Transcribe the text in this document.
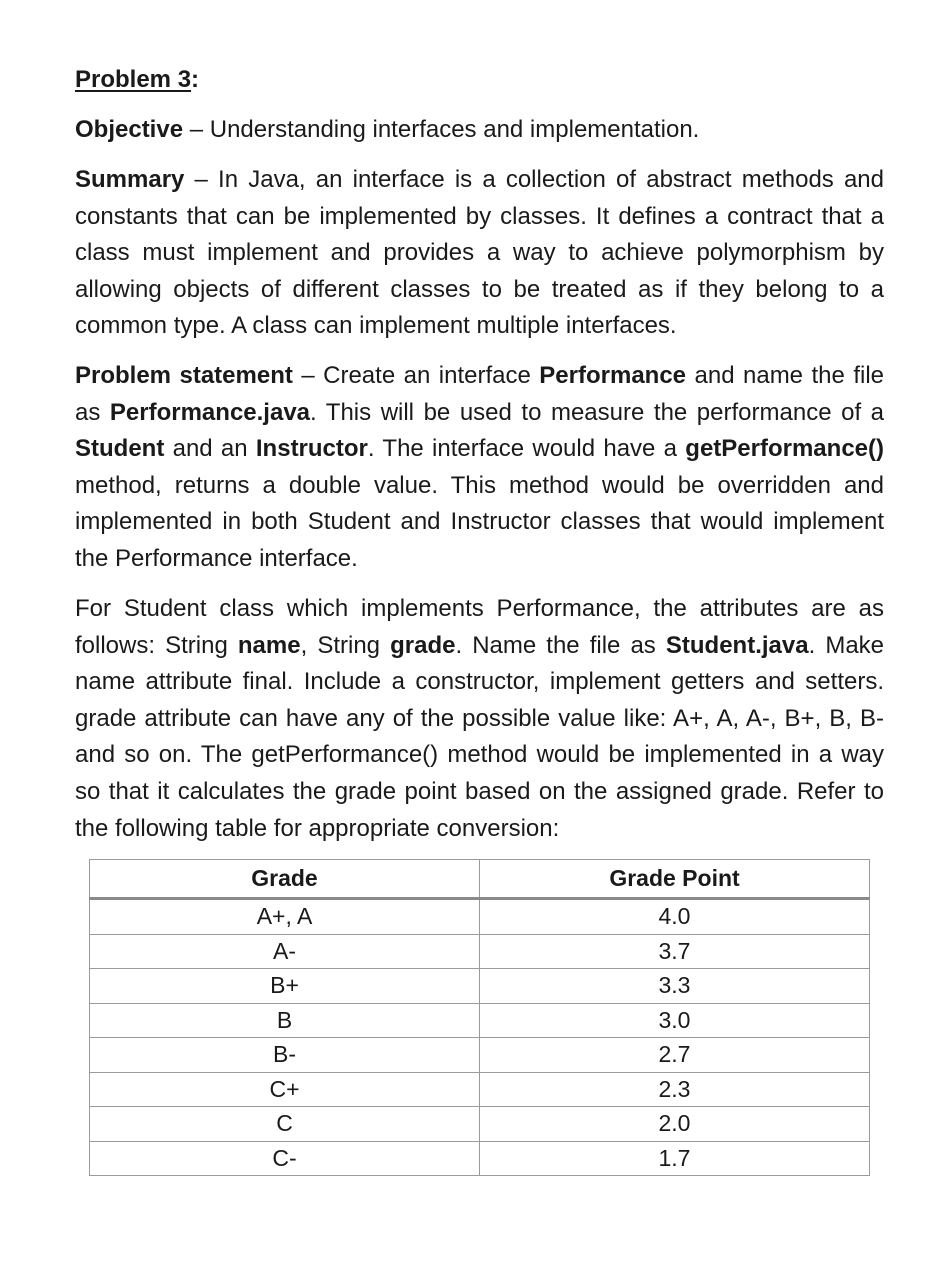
Problem 3:

Objective – Understanding interfaces and implementation.

Summary – In Java, an interface is a collection of abstract methods and constants that can be implemented by classes. It defines a contract that a class must implement and provides a way to achieve polymorphism by allowing objects of different classes to be treated as if they belong to a common type. A class can implement multiple interfaces.

Problem statement – Create an interface Performance and name the file as Performance.java. This will be used to measure the performance of a Student and an Instructor. The interface would have a getPerformance() method, returns a double value. This method would be overridden and implemented in both Student and Instructor classes that would implement the Performance interface.

For Student class which implements Performance, the attributes are as follows: String name, String grade. Name the file as Student.java. Make name attribute final. Include a constructor, implement getters and setters. grade attribute can have any of the possible value like: A+, A, A-, B+, B, B- and so on. The getPerformance() method would be implemented in a way so that it calculates the grade point based on the assigned grade. Refer to the following table for appropriate conversion:

Grade	Grade Point
A+, A	4.0
A-	3.7
B+	3.3
B	3.0
B-	2.7
C+	2.3
C	2.0
C-	1.7
